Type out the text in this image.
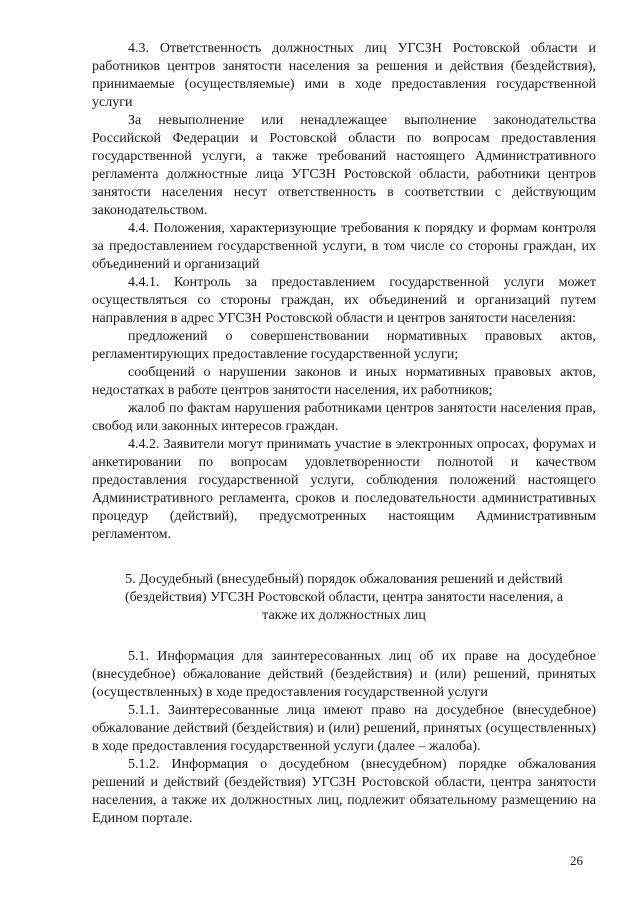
4.3. Ответственность должностных лиц УГСЗН Ростовской области и работников центров занятости населения за решения и действия (бездействия), принимаемые (осуществляемые) ими в ходе предоставления государственной услуги

За невыполнение или ненадлежащее выполнение законодательства Российской Федерации и Ростовской области по вопросам предоставления государственной услуги, а также требований настоящего Административного регламента должностные лица УГСЗН Ростовской области, работники центров занятости населения несут ответственность в соответствии с действующим законодательством.

4.4. Положения, характеризующие требования к порядку и формам контроля за предоставлением государственной услуги, в том числе со стороны граждан, их объединений и организаций

4.4.1. Контроль за предоставлением государственной услуги может осуществляться со стороны граждан, их объединений и организаций путем направления в адрес УГСЗН Ростовской области и центров занятости населения:

предложений о совершенствовании нормативных правовых актов, регламентирующих предоставление государственной услуги;

сообщений о нарушении законов и иных нормативных правовых актов, недостатках в работе центров занятости населения, их работников;

жалоб по фактам нарушения работниками центров занятости населения прав, свобод или законных интересов граждан.

4.4.2. Заявители могут принимать участие в электронных опросах, форумах и анкетировании по вопросам удовлетворенности полнотой и качеством предоставления государственной услуги, соблюдения положений настоящего Административного регламента, сроков и последовательности административных процедур (действий), предусмотренных настоящим Административным регламентом.

5. Досудебный (внесудебный) порядок обжалования решений и действий (бездействия) УГСЗН Ростовской области, центра занятости населения, а также их должностных лиц

5.1. Информация для заинтересованных лиц об их праве на досудебное (внесудебное) обжалование действий (бездействия) и (или) решений, принятых (осуществленных) в ходе предоставления государственной услуги

5.1.1. Заинтересованные лица имеют право на досудебное (внесудебное) обжалование действий (бездействия) и (или) решений, принятых (осуществленных) в ходе предоставления государственной услуги (далее – жалоба).

5.1.2. Информация о досудебном (внесудебном) порядке обжалования решений и действий (бездействия) УГСЗН Ростовской области, центра занятости населения, а также их должностных лиц, подлежит обязательному размещению на Едином портале.

26
